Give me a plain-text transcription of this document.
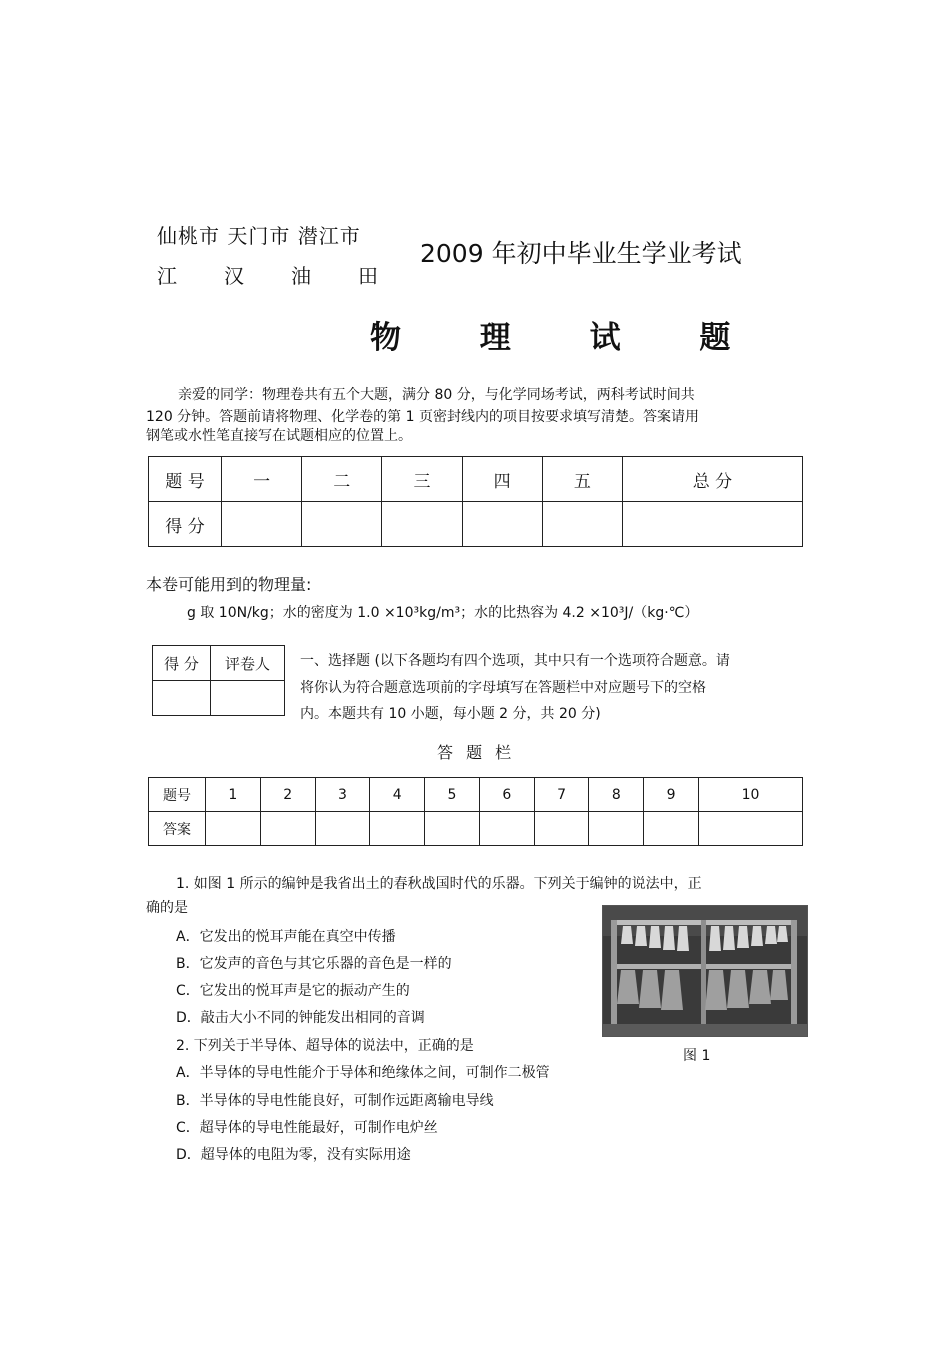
仙桃市 天门市 潜江市
江 汉 油 田
2009 年初中毕业生学业考试
物 理 试 题
亲爱的同学：物理卷共有五个大题，满分 80 分，与化学同场考试，两科考试时间共
120 分钟。答题前请将物理、化学卷的第 1 页密封线内的项目按要求填写清楚。答案请用
钢笔或水性笔直接写在试题相应的位置上。
题 号	一	二	三	四	五	总 分
得 分						
本卷可能用到的物理量:
g 取 10N/kg；水的密度为 1.0 ×10³kg/m³；水的比热容为 4.2 ×10³J/（kg·℃）
得 分	评卷人
	一、选择题 (以下各题均有四个选项，其中只有一个选项符合题意。请
将你认为符合题意选项前的字母填写在答题栏中对应题号下的空格
内。本题共有 10 小题，每小题 2 分，共 20 分)
答 题 栏
题号	1	2	3	4	5	6	7	8	9	10
答案										
1. 如图 1 所示的编钟是我省出土的春秋战国时代的乐器。下列关于编钟的说法中，正
确的是
A．它发出的悦耳声能在真空中传播
B．它发声的音色与其它乐器的音色是一样的
C．它发出的悦耳声是它的振动产生的
D．敲击大小不同的钟能发出相同的音调
2. 下列关于半导体、超导体的说法中，正确的是
A．半导体的导电性能介于导体和绝缘体之间，可制作二极管
B．半导体的导电性能良好，可制作远距离输电导线
C．超导体的导电性能最好，可制作电炉丝
D．超导体的电阻为零，没有实际用途
图 1
